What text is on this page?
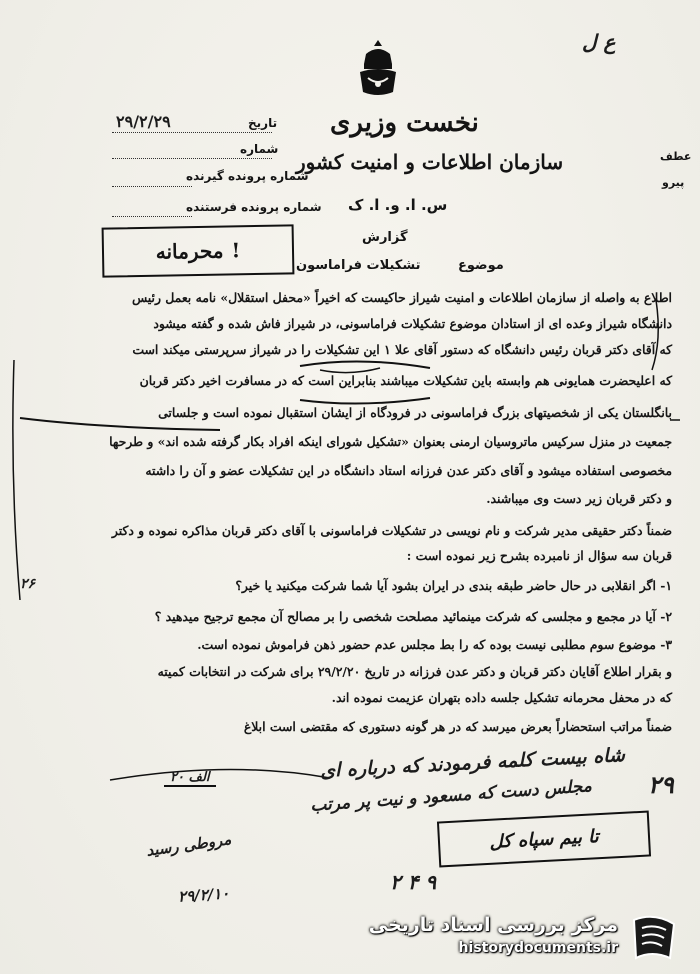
ع ل
تاریخ
۲۹/۲/۲۹
شماره
شماره پرونده گیرنده
شماره پرونده فرستنده
نخست وزیری
سازمان اطلاعات و امنیت کشور
س. ا. و. ا. ک
گزارش
عطف
پیرو
محرمانه !
تشکیلات فراماسون	موضوع
اطلاع به واصله از سازمان اطلاعات و امنیت شیراز حاکیست که اخیراً «محفل استقلال» نامه بعمل رئیس
دانشگاه شیراز وعده ای از استادان موضوع تشکیلات فراماسونی، در شیراز فاش شده و گفته میشود
که آقای دکتر قربان رئیس دانشگاه که دستور آقای علا ۱ این تشکیلات را در شیراز سرپرستی میکند است
که اعلیحضرت همایونی هم وابسته باین تشکیلات میباشند بنابراین است که در مسافرت اخیر دکتر قربان
بانگلستان یکی از شخصیتهای بزرگ فراماسونی در فرودگاه از ایشان استقبال نموده است و جلساتی
جمعیت در منزل سرکیس ماتروسیان ارمنی بعنوان «تشکیل شورای اینکه افراد بکار گرفته شده اند» و طرحها
مخصوصی استفاده میشود و آقای دکتر عدن فرزانه استاد دانشگاه در این تشکیلات عضو و آن را داشته
و دکتر قربان زیر دست وی میباشند.
ضمناً دکتر حقیقی مدیر شرکت و نام نویسی در تشکیلات فراماسونی با آقای دکتر قربان مذاکره نموده و دکتر
قربان سه سؤال از نامبرده بشرح زیر نموده است :
۱- اگر انقلابی در حال حاضر طبقه بندی در ایران بشود آیا شما شرکت میکنید یا خیر؟
۲- آیا در مجمع و مجلسی که شرکت مینمائید مصلحت شخصی را بر مصالح آن مجمع ترجیح میدهید ؟
۳- موضوع سوم مطلبی نیست بوده که را بط مجلس عدم حضور ذهن فراموش نموده است.
و بقرار اطلاع آقایان دکتر قربان و دکتر عدن فرزانه در تاریخ ۲۹/۲/۲۰ برای شرکت در انتخابات کمیته
که در محفل محرمانه تشکیل جلسه داده بتهران عزیمت نموده اند.
ضمناً مراتب استحضاراً بعرض میرسد که در هر گونه دستوری که مقتضی است ابلاغ
شاه بیست کلمه فرمودند که درباره ای
مجلس دست که مسعود و نیت پر مرتب
الف ۲۰
مروطی رسید
۲۹/۲/۱۰
۲۶
۲۹
۲ ۴ ۹
تا بیم سپاه کل
مرکز بررسی اسناد تاریخی
historydocuments.ir
